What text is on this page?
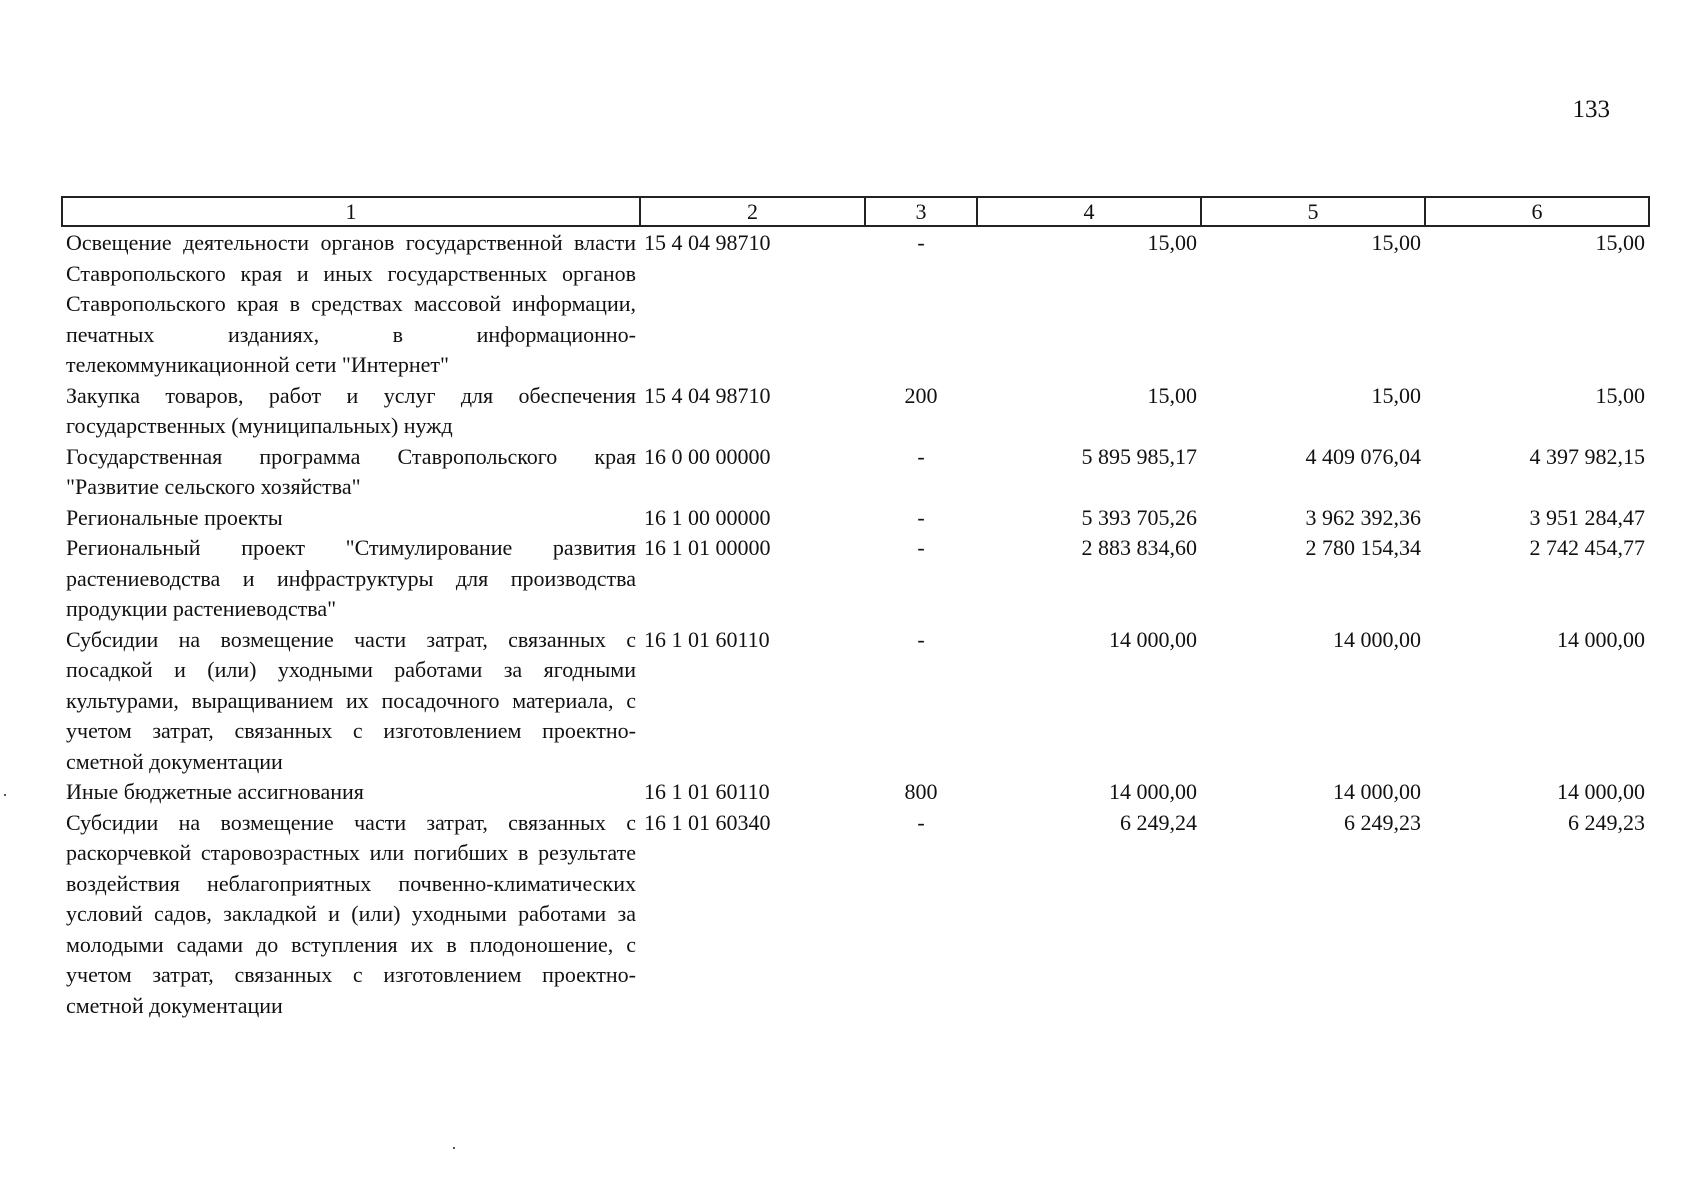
133
1	2	3	4	5	6
Освещение деятельности органов государственной власти Ставропольского края и иных государственных органов Ставропольского края в средствах массовой информации, печатных изданиях, в информационно-телекоммуникационной сети "Интернет"	15 4 04 98710	-	15,00	15,00	15,00
Закупка товаров, работ и услуг для обеспечения государственных (муниципальных) нужд	15 4 04 98710	200	15,00	15,00	15,00
Государственная программа Ставропольского края "Развитие сельского хозяйства"	16 0 00 00000	-	5 895 985,17	4 409 076,04	4 397 982,15
Региональные проекты	16 1 00 00000	-	5 393 705,26	3 962 392,36	3 951 284,47
Региональный проект "Стимулирование развития растениеводства и инфраструктуры для производства продукции растениеводства"	16 1 01 00000	-	2 883 834,60	2 780 154,34	2 742 454,77
Субсидии на возмещение части затрат, связанных с посадкой и (или) уходными работами за ягодными культурами, выращиванием их посадочного материала, с учетом затрат, связанных с изготовлением проектно-сметной документации	16 1 01 60110	-	14 000,00	14 000,00	14 000,00
Иные бюджетные ассигнования	16 1 01 60110	800	14 000,00	14 000,00	14 000,00
Субсидии на возмещение части затрат, связанных с раскорчевкой старовозрастных или погибших в результате воздействия неблагоприятных почвенно-климатических условий садов, закладкой и (или) уходными работами за молодыми садами до вступления их в плодоношение, с учетом затрат, связанных с изготовлением проектно-сметной документации	16 1 01 60340	-	6 249,24	6 249,23	6 249,23
